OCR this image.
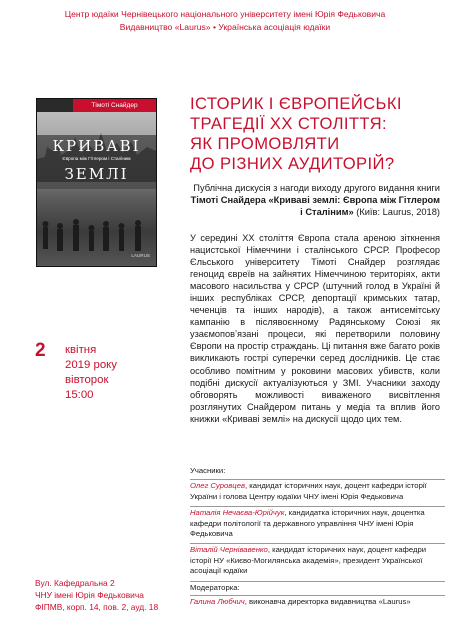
Центр юдаїки Чернівецького національного університету імені Юрія Федьковича
Видавництво «Laurus» • Українська асоціація юдаїки
Тімоті Снайдер
КРИВАВІ
Європа між Гітлером і Сталіним
ЗЕМЛІ
LAURUS
ІСТОРИК І ЄВРОПЕЙСЬКІ
ТРАГЕДІЇ ХХ СТОЛІТТЯ:
ЯК ПРОМОВЛЯТИ
ДО РІЗНИХ АУДИТОРІЙ?
Публічна дискусія з нагоди виходу другого видання книги Тімоті Снайдера «Криваві землі: Європа між Гітлером і Сталіним» (Київ: Laurus, 2018)
У середині ХХ століття Європа стала ареною зіткнення нацистської Німеччини і сталінського СРСР. Професор Єльського університету Тімоті Снайдер розглядає геноцид євреїв на зайнятих Німеччиною територіях, акти масового насильства у СРСР (штучний голод в Україні й інших республіках СРСР, депортації кримських татар, чеченців та інших народів), а також антисемітську кампанію в післявоєнному Радянському Союзі як узаємоповʼязані процеси, які перетворили половину Європи на простір страждань. Ці питання вже багато років викликають гострі суперечки серед дослідників. Це стає особливо помітним у роковини масових убивств, коли подібні дискусії актуалізуються у ЗМІ. Учасники заходу обговорять можливості виваженого висвітлення розглянутих Снайдером питань у медіа та вплив його книжки «Криваві землі» на дискусії щодо цих тем.
2 квітня
2019 року
вівторок
15:00
Учасники:
Олег Суровцев, кандидат історичних наук, доцент кафедри історії України і голова Центру юдаїки ЧНУ імені Юрія Федьковича
Наталія Нечаєва-Юрійчук, кандидатка історичних наук, доцентка кафедри політології та державного управління ЧНУ імені Юрія Федьковича
Віталій Чернівавенко, кандидат історичних наук, доцент кафедри історії НУ «Києво-Могилянська академія», президент Української асоціації юдаїки
Модераторка:
Галина Любчич, виконавча директорка видавництва «Laurus»
Вул. Кафедральна 2
ЧНУ імені Юрія Федьковича
ФІПМВ, корп. 14, пов. 2, ауд. 18
